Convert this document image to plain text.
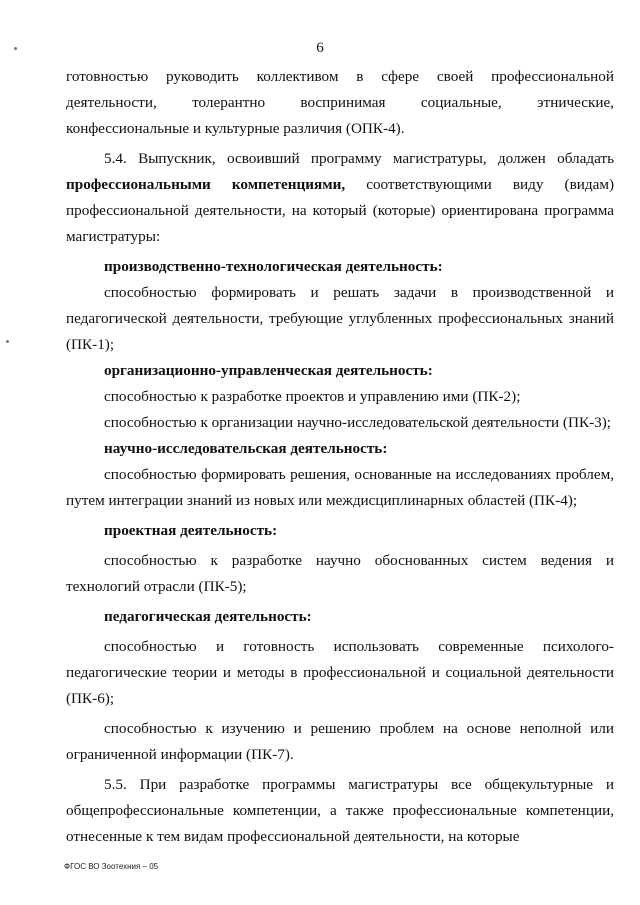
6

готовностью руководить коллективом в сфере своей профессиональной деятельности, толерантно воспринимая социальные, этнические, конфессиональные и культурные различия (ОПК-4).

5.4. Выпускник, освоивший программу магистратуры, должен обладать профессиональными компетенциями, соответствующими виду (видам) профессиональной деятельности, на который (которые) ориентирована программа магистратуры:

производственно-технологическая деятельность:

способностью формировать и решать задачи в производственной и педагогической деятельности, требующие углубленных профессиональных знаний (ПК-1);

организационно-управленческая деятельность:

способностью к разработке проектов и управлению ими (ПК-2);

способностью к организации научно-исследовательской деятельности (ПК-3);

научно-исследовательская деятельность:

способностью формировать решения, основанные на исследованиях проблем, путем интеграции знаний из новых или междисциплинарных областей (ПК-4);

проектная деятельность:

способностью к разработке научно обоснованных систем ведения и технологий отрасли (ПК-5);

педагогическая деятельность:

способностью и готовность использовать современные психолого-педагогические теории и методы в профессиональной и социальной деятельности (ПК-6);

способностью к изучению и решению проблем на основе неполной или ограниченной информации (ПК-7).

5.5. При разработке программы магистратуры все общекультурные и общепрофессиональные компетенции, а также профессиональные компетенции, отнесенные к тем видам профессиональной деятельности, на которые

ФГОС ВО Зоотехния – 05
